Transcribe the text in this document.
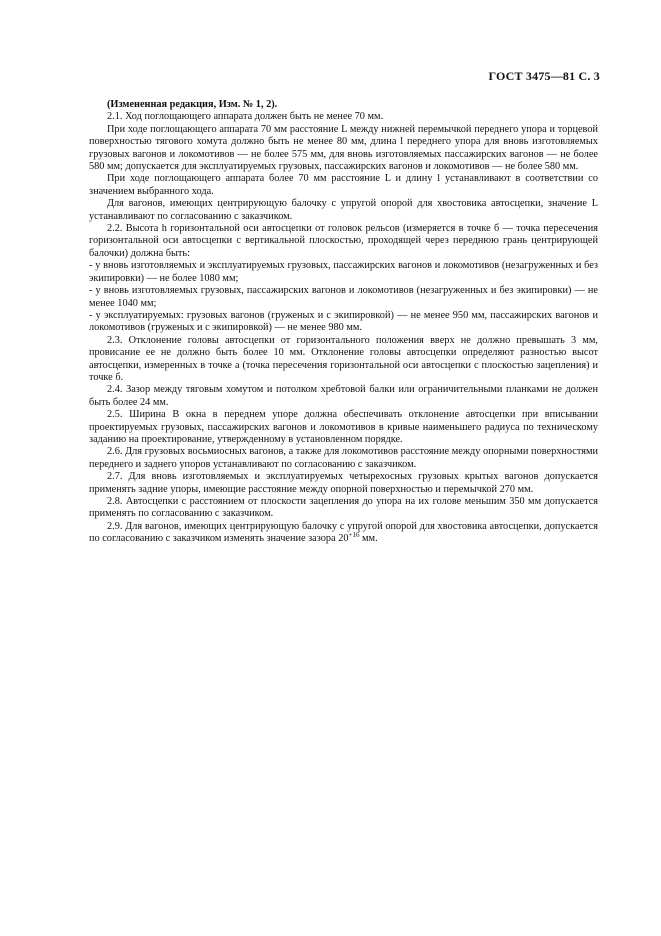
ГОСТ 3475—81 С. 3

(Измененная редакция, Изм. № 1, 2).

2.1. Ход поглощающего аппарата должен быть не менее 70 мм.

При ходе поглощающего аппарата 70 мм расстояние L между нижней перемычкой переднего упора и торцевой поверхностью тягового хомута должно быть не менее 80 мм, длина l переднего упора для вновь изготовляемых грузовых вагонов и локомотивов — не более 575 мм, для вновь изготовляемых пассажирских вагонов — не более 580 мм; допускается для эксплуатируемых грузовых, пассажирских вагонов и локомотивов — не более 580 мм.

При ходе поглощающего аппарата более 70 мм расстояние L и длину l устанавливают в соответствии со значением выбранного хода.

Для вагонов, имеющих центрирующую балочку с упругой опорой для хвостовика автосцепки, значение L устанавливают по согласованию с заказчиком.

2.2. Высота h горизонтальной оси автосцепки от головок рельсов (измеряется в точке б — точка пересечения горизонтальной оси автосцепки с вертикальной плоскостью, проходящей через переднюю грань центрирующей балочки) должна быть:

- у вновь изготовляемых и эксплуатируемых грузовых, пассажирских вагонов и локомотивов (незагруженных и без экипировки) — не более 1080 мм;

- у вновь изготовляемых грузовых, пассажирских вагонов и локомотивов (незагруженных и без экипировки) — не менее 1040 мм;

- у эксплуатируемых: грузовых вагонов (груженых и с экипировкой) — не менее 950 мм, пассажирских вагонов и локомотивов (груженых и с экипировкой) — не менее 980 мм.

2.3. Отклонение головы автосцепки от горизонтального положения вверх не должно превышать 3 мм, провисание ее не должно быть более 10 мм. Отклонение головы автосцепки определяют разностью высот автосцепки, измеренных в точке а (точка пересечения горизонтальной оси автосцепки с плоскостью зацепления) и точке б.

2.4. Зазор между тяговым хомутом и потолком хребтовой балки или ограничительными планками не должен быть более 24 мм.

2.5. Ширина B окна в переднем упоре должна обеспечивать отклонение автосцепки при вписывании проектируемых грузовых, пассажирских вагонов и локомотивов в кривые наименьшего радиуса по техническому заданию на проектирование, утвержденному в установленном порядке.

2.6. Для грузовых восьмиосных вагонов, а также для локомотивов расстояние между опорными поверхностями переднего и заднего упоров устанавливают по согласованию с заказчиком.

2.7. Для вновь изготовляемых и эксплуатируемых четырехосных грузовых крытых вагонов допускается применять задние упоры, имеющие расстояние между опорной поверхностью и перемычкой 270 мм.

2.8. Автосцепки с расстоянием от плоскости зацепления до упора на их голове меньшим 350 мм допускается применять по согласованию с заказчиком.

2.9. Для вагонов, имеющих центрирующую балочку с упругой опорой для хвостовика автосцепки, допускается по согласованию с заказчиком изменять значение зазора $20^{+16}$ мм.
